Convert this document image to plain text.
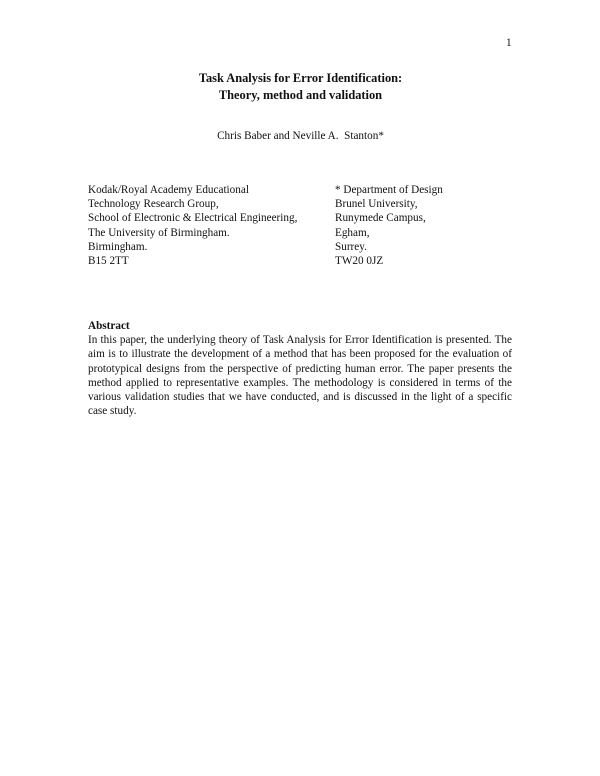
1
Task Analysis for Error Identification:
Theory, method and validation
Chris Baber and Neville A.  Stanton*
Kodak/Royal Academy Educational
Technology Research Group,
School of Electronic & Electrical Engineering,
The University of Birmingham.
Birmingham.
B15 2TT
* Department of Design
Brunel University,
Runymede Campus,
Egham,
Surrey.
TW20 0JZ
Abstract
In this paper, the underlying theory of Task Analysis for Error Identification is presented. The aim is to illustrate the development of a method that has been proposed for the evaluation of prototypical designs from the perspective of predicting human error. The paper presents the method applied to representative examples. The methodology is considered in terms of the various validation studies that we have conducted, and is discussed in the light of a specific case study.
